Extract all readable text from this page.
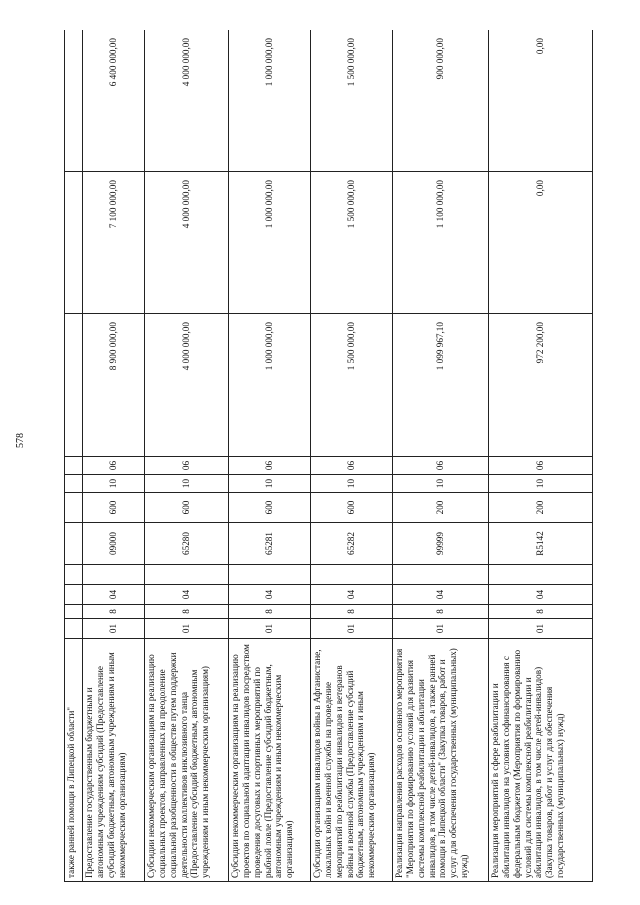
578
также ранней помощи в Липецкой области"											
Предоставление государственным бюджетным и автономным учреждениям субсидий (Предоставление субсидий бюджетным, автономным учреждениям и иным некоммерческим организациям)	01	8	04		09000	600	10	06	8 900 000,00	7 100 000,00	6 400 000,00
Субсидии некоммерческим организациям на реализацию социальных проектов, направленных на преодоление социальной разобщенности в обществе путем поддержки деятельности коллективов инклюзивного танца (Предоставление субсидий бюджетным, автономным учреждениям и иным некоммерческим организациям)	01	8	04		65280	600	10	06	4 000 000,00	4 000 000,00	4 000 000,00
Субсидии некоммерческим организациям на реализацию проектов по социальной адаптации инвалидов посредством проведения досуговых и спортивных мероприятий по рыбной ловле (Предоставление субсидий бюджетным, автономным учреждениям и иным некоммерческим организациям)	01	8	04		65281	600	10	06	1 000 000,00	1 000 000,00	1 000 000,00
Субсидии организациям инвалидов войны в Афганистане, локальных войн и военной службы на проведение мероприятий по реабилитации инвалидов и ветеранов войны и военной службы (Предоставление субсидий бюджетным, автономным учреждениям и иным некоммерческим организациям)	01	8	04		65282	600	10	06	1 500 000,00	1 500 000,00	1 500 000,00
Реализация направления расходов основного мероприятия "Мероприятия по формированию условий для развития системы комплексной реабилитации и абилитации инвалидов, в том числе детей-инвалидов, а также ранней помощи в Липецкой области" (Закупка товаров, работ и услуг для обеспечения государственных (муниципальных) нужд)	01	8	04		99999	200	10	06	1 099 967,10	1 100 000,00	900 000,00
Реализация мероприятий в сфере реабилитации и абилитации инвалидов на условиях софинансирования с федеральным бюджетом (Мероприятия по формированию условий для системы комплексной реабилитации и абилитации инвалидов, в том числе детей-инвалидов) (Закупка товаров, работ и услуг для обеспечения государственных (муниципальных) нужд)	01	8	04		R5142	200	10	06	972 200,00	0,00	0,00
